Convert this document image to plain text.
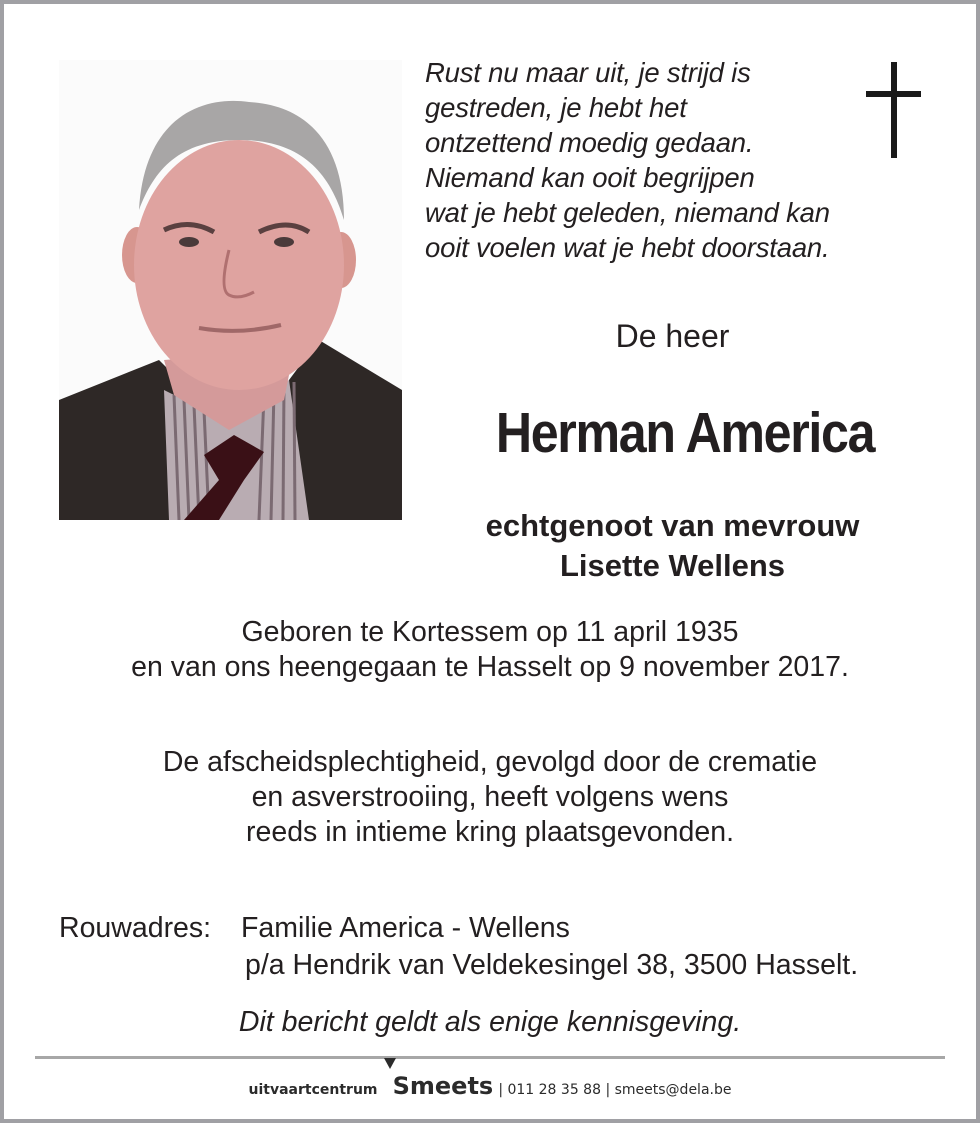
Rust nu maar uit, je strijd is
gestreden, je hebt het
ontzettend moedig gedaan.
Niemand kan ooit begrijpen
wat je hebt geleden, niemand kan
ooit voelen wat je hebt doorstaan.
De heer
Herman America
echtgenoot van mevrouw
Lisette Wellens
Geboren te Kortessem op 11 april 1935
en van ons heengegaan te Hasselt op 9 november 2017.
De afscheidsplechtigheid, gevolgd door de crematie
en asverstrooiing, heeft volgens wens
reeds in intieme kring plaatsgevonden.
Rouwadres: Familie America - Wellens
p/a Hendrik van Veldekesingel 38, 3500 Hasselt.
Dit bericht geldt als enige kennisgeving.
uitvaartcentrum Smeets | 011 28 35 88 | smeets@dela.be
